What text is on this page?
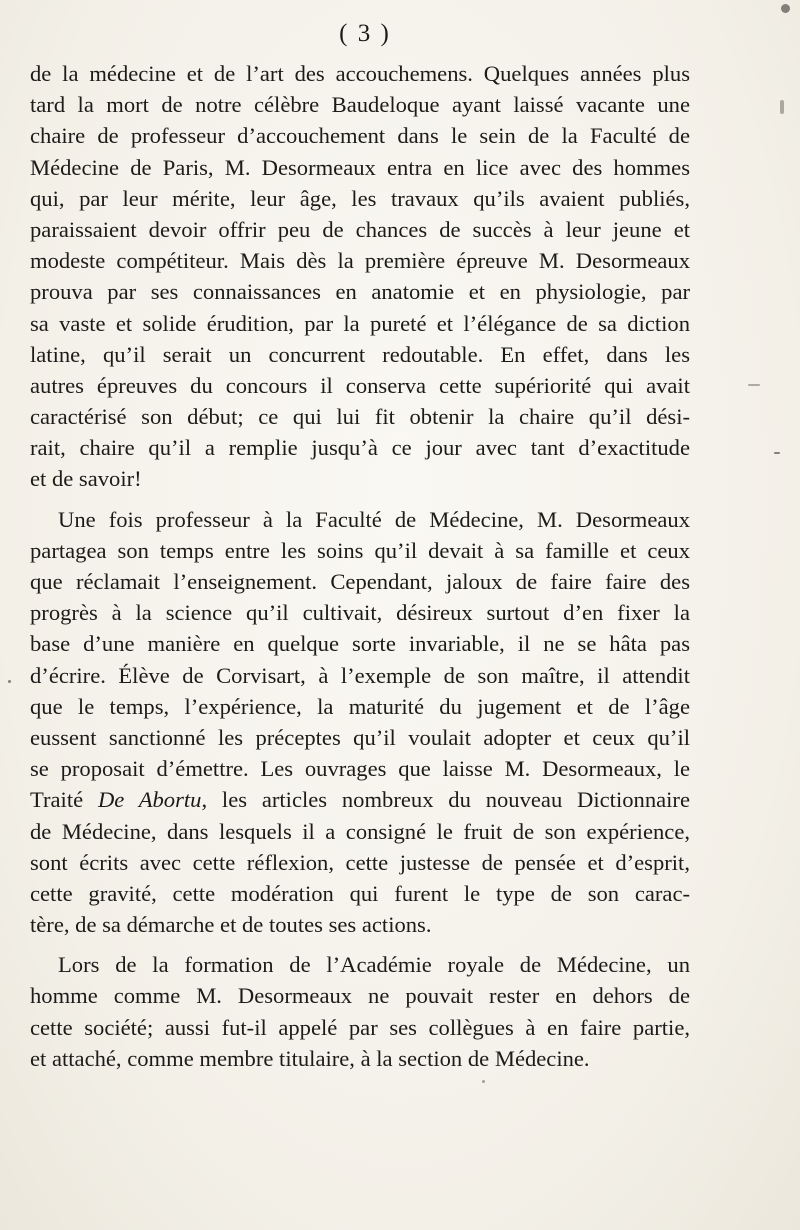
( 3 )
de la médecine et de l’art des accouchemens. Quelques années plus
tard la mort de notre célèbre Baudeloque ayant laissé vacante une
chaire de professeur d’accouchement dans le sein de la Faculté de
Médecine de Paris, M. Desormeaux entra en lice avec des hommes
qui, par leur mérite, leur âge, les travaux qu’ils avaient publiés,
paraissaient devoir offrir peu de chances de succès à leur jeune et
modeste compétiteur. Mais dès la première épreuve M. Desormeaux
prouva par ses connaissances en anatomie et en physiologie, par
sa vaste et solide érudition, par la pureté et l’élégance de sa diction
latine, qu’il serait un concurrent redoutable. En effet, dans les
autres épreuves du concours il conserva cette supériorité qui avait
caractérisé son début; ce qui lui fit obtenir la chaire qu’il dési-
rait, chaire qu’il a remplie jusqu’à ce jour avec tant d’exactitude
et de savoir!
Une fois professeur à la Faculté de Médecine, M. Desormeaux
partagea son temps entre les soins qu’il devait à sa famille et ceux
que réclamait l’enseignement. Cependant, jaloux de faire faire des
progrès à la science qu’il cultivait, désireux surtout d’en fixer la
base d’une manière en quelque sorte invariable, il ne se hâta pas
d’écrire. Élève de Corvisart, à l’exemple de son maître, il attendit
que le temps, l’expérience, la maturité du jugement et de l’âge
eussent sanctionné les préceptes qu’il voulait adopter et ceux qu’il
se proposait d’émettre. Les ouvrages que laisse M. Desormeaux, le
Traité De Abortu, les articles nombreux du nouveau Dictionnaire
de Médecine, dans lesquels il a consigné le fruit de son expérience,
sont écrits avec cette réflexion, cette justesse de pensée et d’esprit,
cette gravité, cette modération qui furent le type de son carac-
tère, de sa démarche et de toutes ses actions.
Lors de la formation de l’Académie royale de Médecine, un
homme comme M. Desormeaux ne pouvait rester en dehors de
cette société; aussi fut-il appelé par ses collègues à en faire partie,
et attaché, comme membre titulaire, à la section de Médecine.
